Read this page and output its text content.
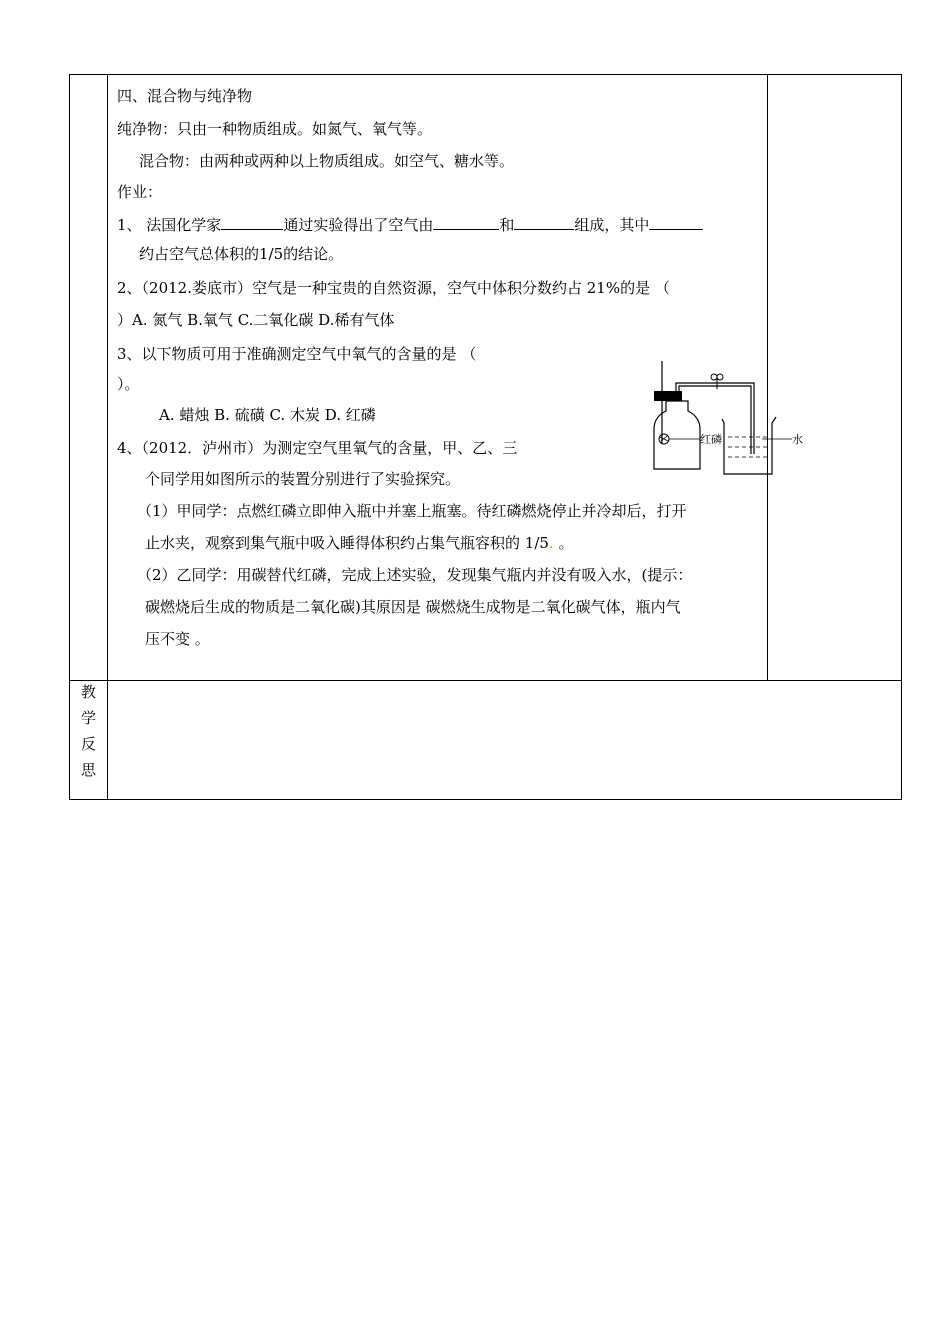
四、混合物与纯净物
纯净物：只由一种物质组成。如氮气、氧气等。
混合物：由两种或两种以上物质组成。如空气、糖水等。
作业：
1、 法国化学家	通过实验得出了空气由	和	组成，其中
约占空气总体积的1/5的结论。
2、（2012.娄底市）空气是一种宝贵的自然资源，空气中体积分数约占 21%的是 （
）A. 氮气 B.氧气 C.二氧化碳 D.稀有气体
3、以下物质可用于准确测定空气中氧气的含量的是 （
）。
A. 蜡烛 B. 硫磺 C. 木炭 D. 红磷
4、（2012．泸州市）为测定空气里氧气的含量，甲、乙、三
个同学用如图所示的装置分别进行了实验探究。
（1）甲同学：点燃红磷立即伸入瓶中并塞上瓶塞。待红磷燃烧停止并冷却后，打开
止水夹，观察到集气瓶中吸入睡得体积约占集气瓶容积的 1/5. 。
（2）乙同学：用碳替代红磷，完成上述实验，发现集气瓶内并没有吸入水，(提示：
碳燃烧后生成的物质是二氧化碳)其原因是 碳燃烧生成物是二氧化碳气体，瓶内气
压不变 。
红磷	水
教
学
反
思
